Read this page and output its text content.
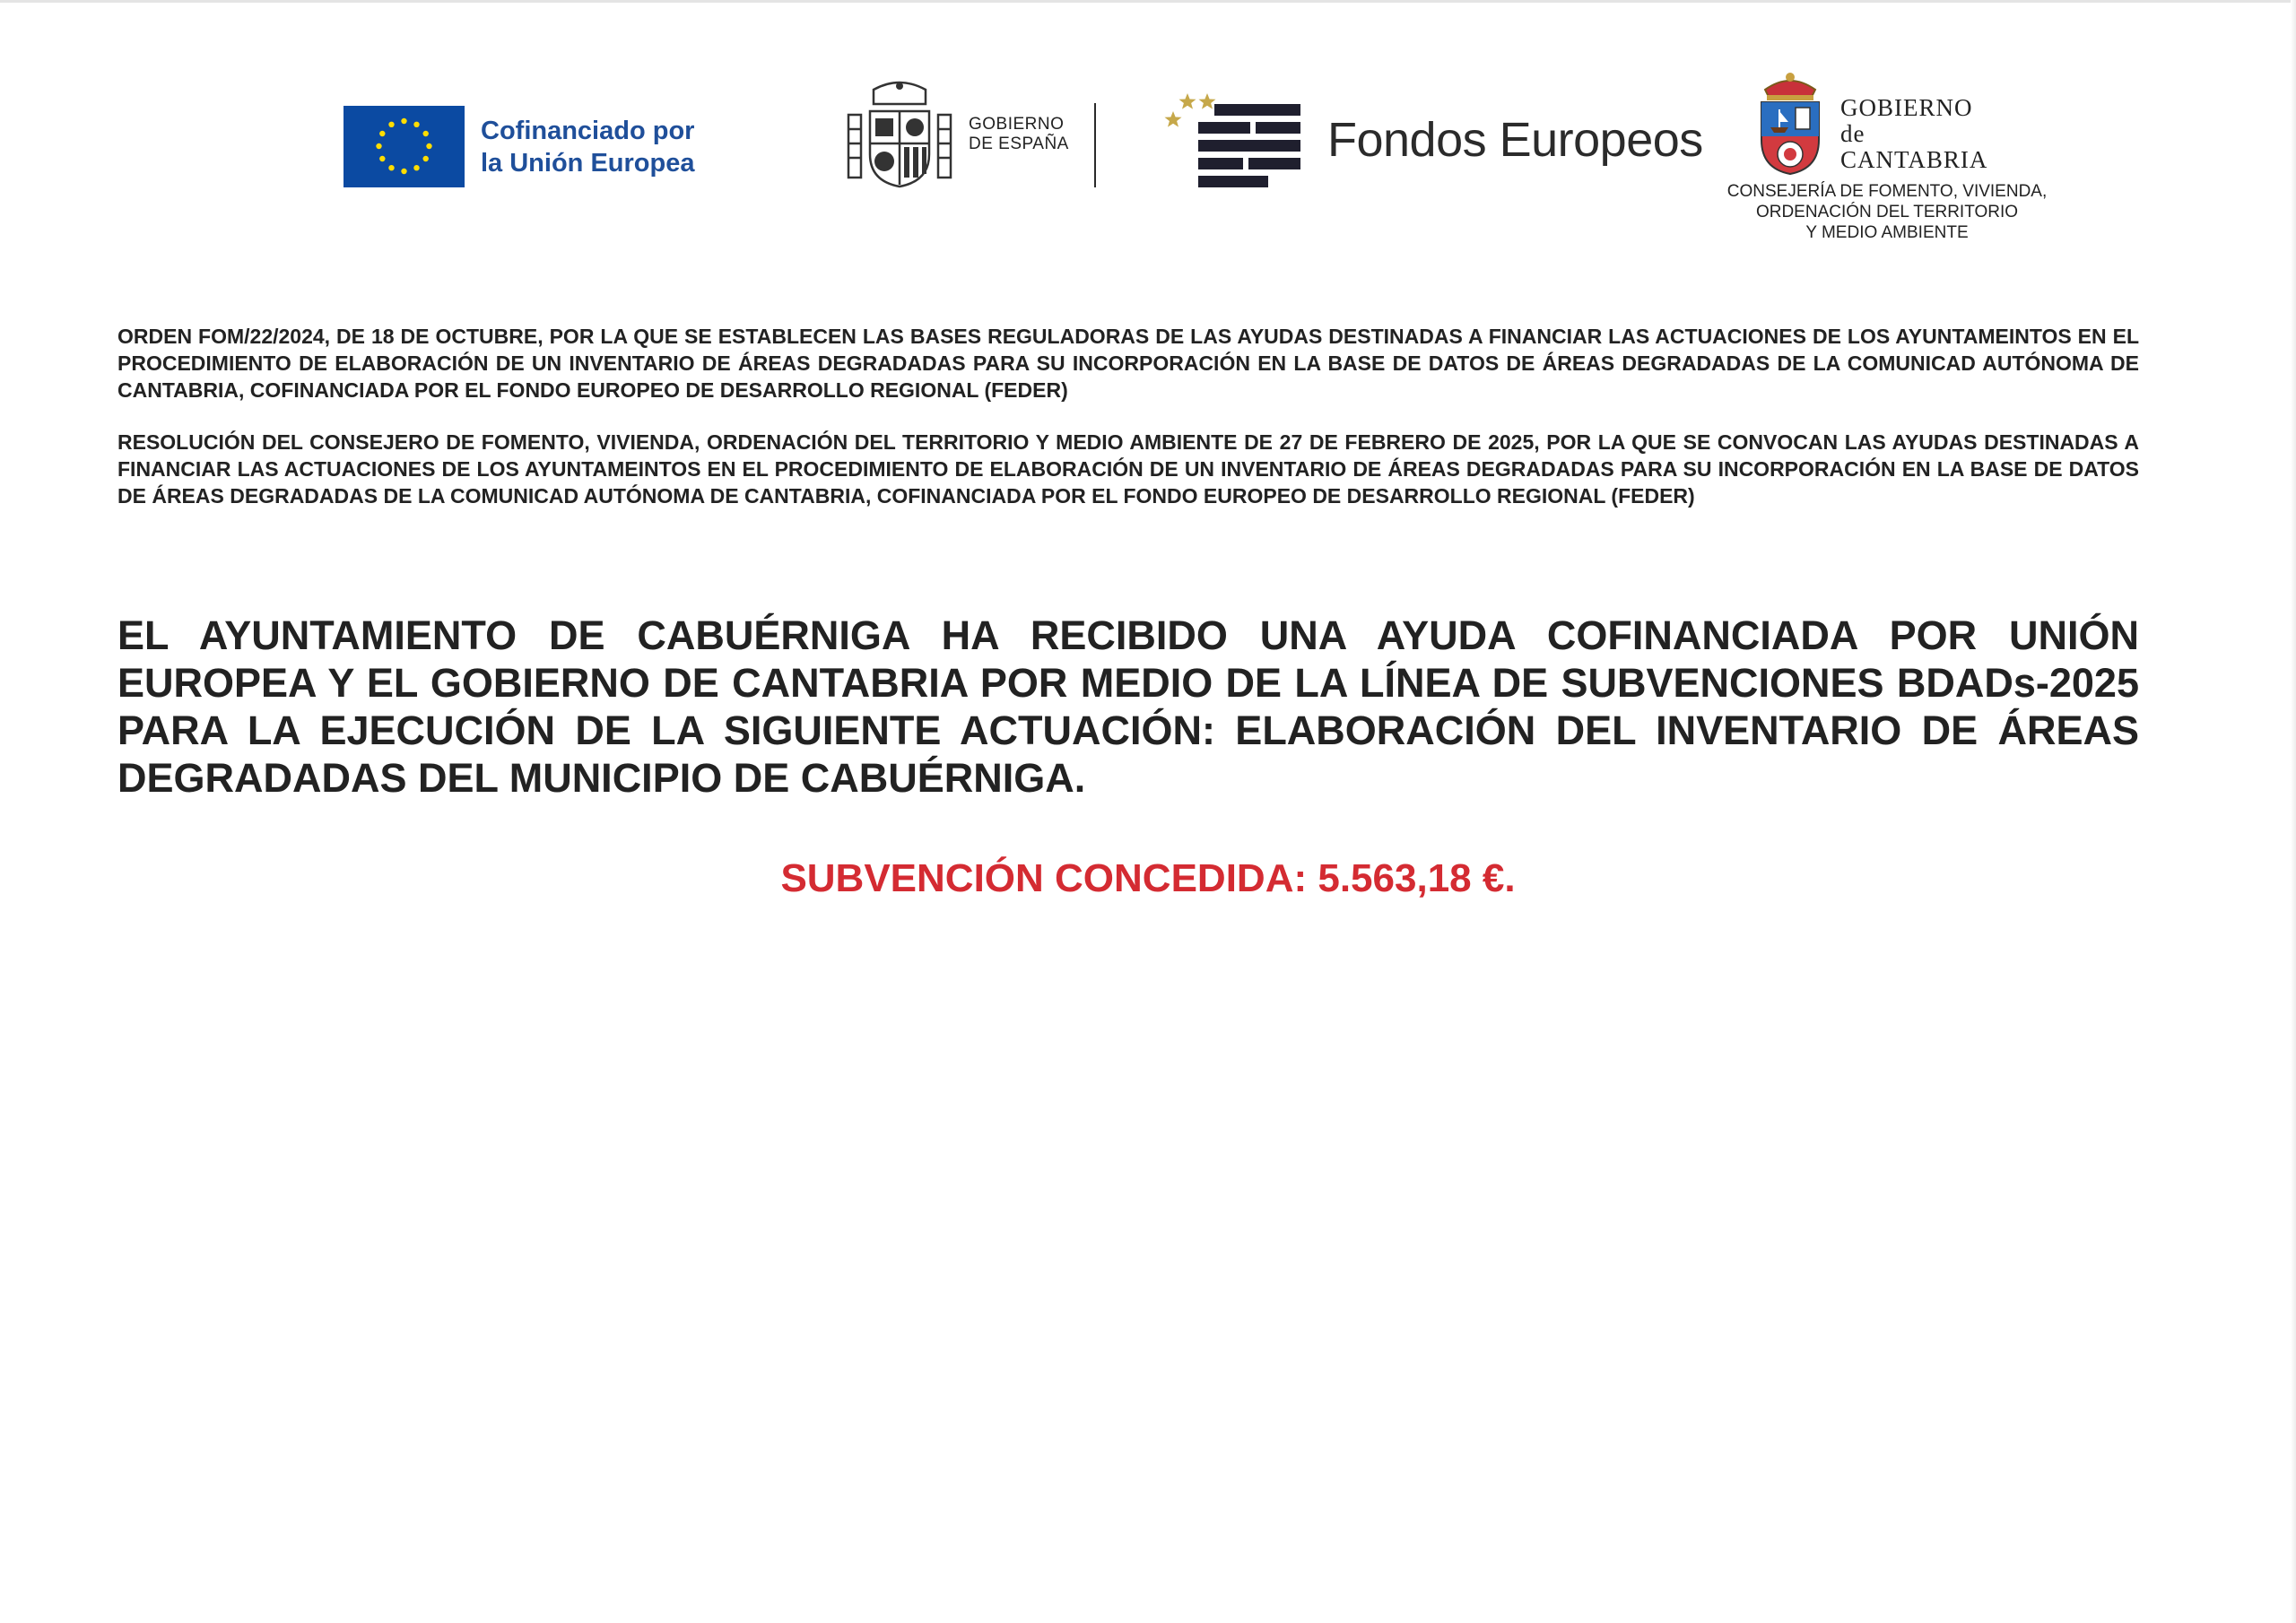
Cofinanciado por
la Unión Europea
GOBIERNO
DE ESPAÑA	Fondos Europeos
GOBIERNO
de
CANTABRIA
CONSEJERÍA DE FOMENTO, VIVIENDA,
ORDENACIÓN DEL TERRITORIO
Y MEDIO AMBIENTE

ORDEN FOM/22/2024, DE 18 DE OCTUBRE, POR LA QUE SE ESTABLECEN LAS BASES REGULADORAS DE LAS AYUDAS DESTINADAS A FINANCIAR LAS ACTUACIONES DE LOS AYUNTAMEINTOS EN EL PROCEDIMIENTO DE ELABORACIÓN DE UN INVENTARIO DE ÁREAS DEGRADADAS PARA SU INCORPORACIÓN EN LA BASE DE DATOS DE ÁREAS DEGRADADAS DE LA COMUNICAD AUTÓNOMA DE CANTABRIA, COFINANCIADA POR EL FONDO EUROPEO DE DESARROLLO REGIONAL (FEDER)

RESOLUCIÓN DEL CONSEJERO DE FOMENTO, VIVIENDA, ORDENACIÓN DEL TERRITORIO Y MEDIO AMBIENTE DE 27 DE FEBRERO DE 2025, POR LA QUE SE CONVOCAN LAS AYUDAS DESTINADAS A FINANCIAR LAS ACTUACIONES DE LOS AYUNTAMEINTOS EN EL PROCEDIMIENTO DE ELABORACIÓN DE UN INVENTARIO DE ÁREAS DEGRADADAS PARA SU INCORPORACIÓN EN LA BASE DE DATOS DE ÁREAS DEGRADADAS DE LA COMUNICAD AUTÓNOMA DE CANTABRIA, COFINANCIADA POR EL FONDO EUROPEO DE DESARROLLO REGIONAL (FEDER)

EL AYUNTAMIENTO DE CABUÉRNIGA HA RECIBIDO UNA AYUDA COFINANCIADA POR UNIÓN EUROPEA Y EL GOBIERNO DE CANTABRIA POR MEDIO DE LA LÍNEA DE SUBVENCIONES BDADs-2025 PARA LA EJECUCIÓN DE LA SIGUIENTE ACTUACIÓN: ELABORACIÓN DEL INVENTARIO DE ÁREAS DEGRADADAS DEL MUNICIPIO DE CABUÉRNIGA.

SUBVENCIÓN CONCEDIDA: 5.563,18 €.
